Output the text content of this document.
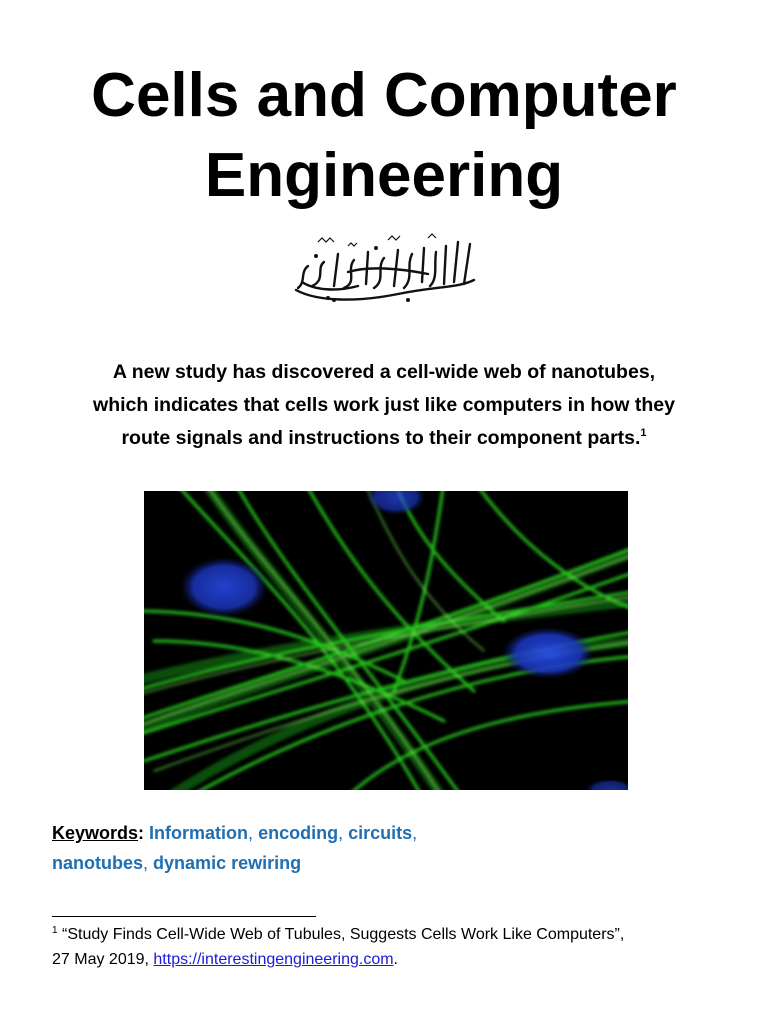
Cells and Computer
Engineering

A new study has discovered a cell-wide web of nanotubes,
which indicates that cells work just like computers in how they
route signals and instructions to their component parts.$^1$

Keywords: Information, encoding, circuits,
nanotubes, dynamic rewiring

$^1$ “Study Finds Cell-Wide Web of Tubules, Suggests Cells Work Like Computers”,
27 May 2019, https://interestingengineering.com.
